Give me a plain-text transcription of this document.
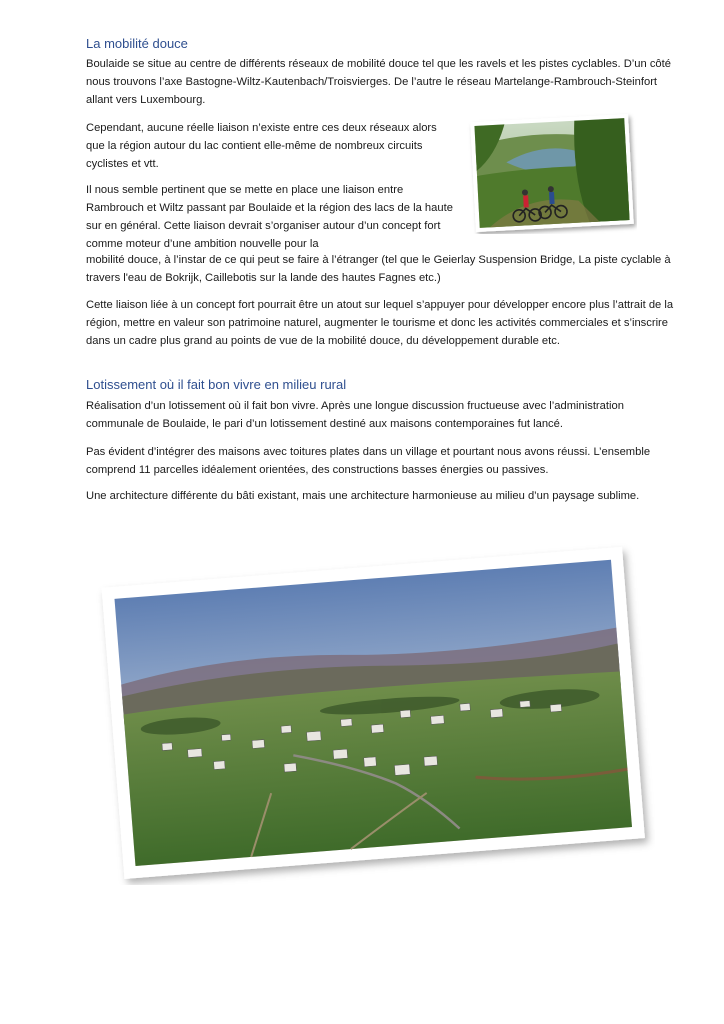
La mobilité douce

Boulaide se situe au centre de différents réseaux de mobilité douce tel que les ravels et les pistes cyclables. D’un côté nous trouvons l’axe Bastogne-Wiltz-Kautenbach/Troisvierges. De l’autre le réseau Martelange-Rambrouch-Steinfort allant vers Luxembourg.

Cependant, aucune réelle liaison n’existe entre ces deux réseaux alors que la région autour du lac contient elle-même de nombreux circuits cyclistes et vtt.

Il nous semble pertinent que se mette en place une liaison entre Rambrouch et Wiltz passant par Boulaide et la région des lacs de la haute sur en général. Cette liaison devrait s’organiser autour d’un concept fort comme moteur d’une ambition nouvelle pour la

mobilité douce, à l’instar de ce qui peut se faire à l’étranger (tel que le Geierlay Suspension Bridge, La piste cyclable à travers l'eau de Bokrijk, Caillebotis sur la lande des hautes Fagnes etc.)

Cette liaison liée à un concept fort pourrait être un atout sur lequel s’appuyer pour développer encore plus l’attrait de la région, mettre en valeur son patrimoine naturel, augmenter le tourisme et donc les activités commerciales et s’inscrire dans un cadre plus grand au points de vue de la mobilité douce, du développement durable etc.

Lotissement où il fait bon vivre en milieu rural

Réalisation d’un lotissement où il fait bon vivre. Après une longue discussion fructueuse avec l’administration communale de Boulaide, le pari d’un lotissement destiné aux maisons contemporaines fut lancé.

Pas évident d’intégrer des maisons avec toitures plates dans un village et pourtant nous avons réussi. L’ensemble comprend 11 parcelles idéalement orientées, des constructions basses énergies ou passives.

Une architecture différente du bâti existant, mais une architecture harmonieuse au milieu d’un paysage sublime.
